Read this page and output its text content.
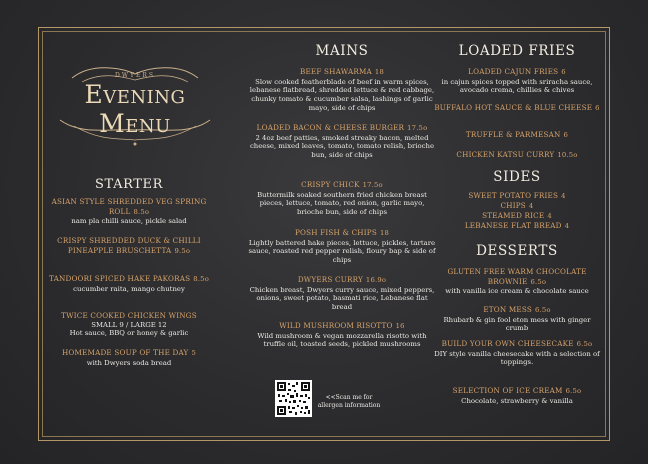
DWYERS
Evening Menu
STARTER
ASIAN STYLE SHREDDED VEG SPRING ROLL 8.5o
nam pla chilli sauce, pickle salad
CRISPY SHREDDED DUCK & CHILLI PINEAPPLE BRUSCHETTA 9.5o
TANDOORI SPICED HAKE PAKORAS 8.5o
cucumber raita, mango chutney
TWICE COOKED CHICKEN WINGS
SMALL 9 / LARGE 12
Hot sauce, BBQ or honey & garlic
HOMEMADE SOUP OF THE DAY 5
with Dwyers soda bread
MAINS
BEEF SHAWARMA 18
Slow cooked featherblade of beef in warm spices, lebanese flatbread, shredded lettuce & red cabbage, chunky tomato & cucumber salsa, lashings of garlic mayo, side of chips
LOADED BACON & CHEESE BURGER 17.5o
2 4oz beef patties, smoked streaky bacon, melted cheese, mixed leaves, tomato, tomato relish, brioche bun, side of chips
CRISPY CHICK 17.5o
Buttermilk soaked southern fried chicken breast pieces, lettuce, tomato, red onion, garlic mayo, brioche bun, side of chips
POSH FISH & CHIPS 18
Lightly battered hake pieces, lettuce, pickles, tartare sauce, roasted red pepper relish, floury bap & side of chips
DWYERS CURRY 16.9o
Chicken breast, Dwyers curry sauce, mixed peppers, onions, sweet potato, basmati rice, Lebanese flat bread
WILD MUSHROOM RISOTTO 16
Wild mushroom & vegan mozzarella risotto with truffle oil, toasted seeds, pickled mushrooms
<<Scan me for allergen information
LOADED FRIES
LOADED CAJUN FRIES 6
in cajun spices topped with sriracha sauce, avocado crema, chillies & chives
BUFFALO HOT SAUCE & BLUE CHEESE 6
TRUFFLE & PARMESAN 6
CHICKEN KATSU CURRY 10.5o
SIDES
SWEET POTATO FRIES 4
CHIPS 4
STEAMED RICE 4
LEBANESE FLAT BREAD 4
DESSERTS
GLUTEN FREE WARM CHOCOLATE BROWNIE 6.5o
with vanilla ice cream & chocolate sauce
ETON MESS 6.5o
Rhubarb & gin fool eton mess with ginger crumb
BUILD YOUR OWN CHEESECAKE 6.5o
DIY style vanilla cheesecake with a selection of toppings.
SELECTION OF ICE CREAM 6.5o
Chocolate, strawberry & vanilla
